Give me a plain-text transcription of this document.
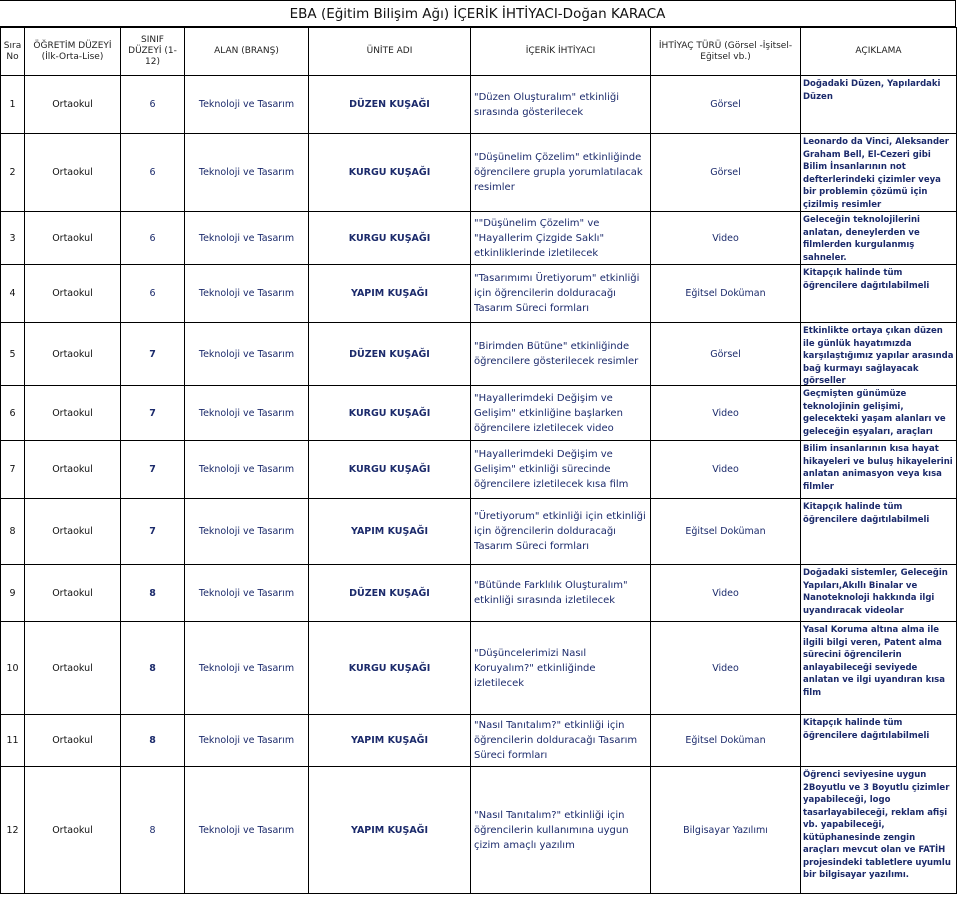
EBA (Eğitim Bilişim Ağı) İÇERİK İHTİYACI-Doğan KARACA
Sıra No	ÖĞRETİM DÜZEYİ (İlk-Orta-Lise)	SINIF DÜZEYİ (1-12)	ALAN (BRANŞ)	ÜNİTE ADI	İÇERİK İHTİYACI	İHTİYAÇ TÜRÜ (Görsel -İşitsel- Eğitsel vb.)	AÇIKLAMA

1	Ortaokul	6	Teknoloji ve Tasarım	DÜZEN KUŞAĞI	"Düzen Oluşturalım" etkinliği sırasında gösterilecek	Görsel	Doğadaki Düzen, Yapılardaki Düzen

2	Ortaokul	6	Teknoloji ve Tasarım	KURGU KUŞAĞI	"Düşünelim Çözelim" etkinliğinde öğrencilere grupla yorumlatılacak resimler	Görsel	Leonardo da Vinci, Aleksander Graham Bell, El-Cezeri gibi Bilim İnsanlarının not defterlerindeki çizimler veya bir problemin çözümü için çizilmiş resimler

3	Ortaokul	6	Teknoloji ve Tasarım	KURGU KUŞAĞI	""Düşünelim Çözelim" ve "Hayallerim Çizgide Saklı" etkinliklerinde izletilecek	Video	Geleceğin teknolojilerini anlatan, deneylerden ve filmlerden kurgulanmış sahneler.

4	Ortaokul	6	Teknoloji ve Tasarım	YAPIM KUŞAĞI	"Tasarımımı Üretiyorum" etkinliği için öğrencilerin dolduracağı Tasarım Süreci formları	Eğitsel Doküman	Kitapçık halinde tüm öğrencilere dağıtılabilmeli

5	Ortaokul	7	Teknoloji ve Tasarım	DÜZEN KUŞAĞI	"Birimden Bütüne" etkinliğinde öğrencilere gösterilecek resimler	Görsel	Etkinlikte ortaya çıkan düzen ile günlük hayatımızda karşılaştığımız yapılar arasında bağ kurmayı sağlayacak görseller

6	Ortaokul	7	Teknoloji ve Tasarım	KURGU KUŞAĞI	"Hayallerimdeki Değişim ve Gelişim" etkinliğine başlarken öğrencilere izletilecek video	Video	Geçmişten günümüze teknolojinin gelişimi, gelecekteki yaşam alanları ve geleceğin eşyaları, araçları

7	Ortaokul	7	Teknoloji ve Tasarım	KURGU KUŞAĞI	"Hayallerimdeki Değişim ve Gelişim" etkinliği sürecinde öğrencilere izletilecek kısa film	Video	Bilim insanlarının kısa hayat hikayeleri ve buluş hikayelerini anlatan animasyon veya kısa filmler

8	Ortaokul	7	Teknoloji ve Tasarım	YAPIM KUŞAĞI	"Üretiyorum" etkinliği için etkinliği için öğrencilerin dolduracağı Tasarım Süreci formları	Eğitsel Doküman	Kitapçık halinde tüm öğrencilere dağıtılabilmeli

9	Ortaokul	8	Teknoloji ve Tasarım	DÜZEN KUŞAĞI	"Bütünde Farklılık Oluşturalım" etkinliği sırasında izletilecek	Video	Doğadaki sistemler, Geleceğin Yapıları,Akıllı Binalar ve Nanoteknoloji hakkında ilgi uyandıracak videolar

10	Ortaokul	8	Teknoloji ve Tasarım	KURGU KUŞAĞI	"Düşüncelerimizi Nasıl Koruyalım?" etkinliğinde izletilecek	Video	Yasal Koruma altına alma ile ilgili bilgi veren, Patent alma sürecini öğrencilerin anlayabileceği seviyede anlatan ve ilgi uyandıran kısa film

11	Ortaokul	8	Teknoloji ve Tasarım	YAPIM KUŞAĞI	"Nasıl Tanıtalım?" etkinliği için öğrencilerin dolduracağı Tasarım Süreci formları	Eğitsel Doküman	Kitapçık halinde tüm öğrencilere dağıtılabilmeli

12	Ortaokul	8	Teknoloji ve Tasarım	YAPIM KUŞAĞI	"Nasıl Tanıtalım?" etkinliği için öğrencilerin kullanımına uygun çizim amaçlı yazılım	Bilgisayar Yazılımı	Öğrenci seviyesine uygun 2Boyutlu ve 3 Boyutlu çizimler yapabileceği, logo tasarlayabileceği, reklam afişi vb. yapabileceği, kütüphanesinde zengin araçları mevcut olan ve FATİH projesindeki tabletlere uyumlu bir bilgisayar yazılımı.
